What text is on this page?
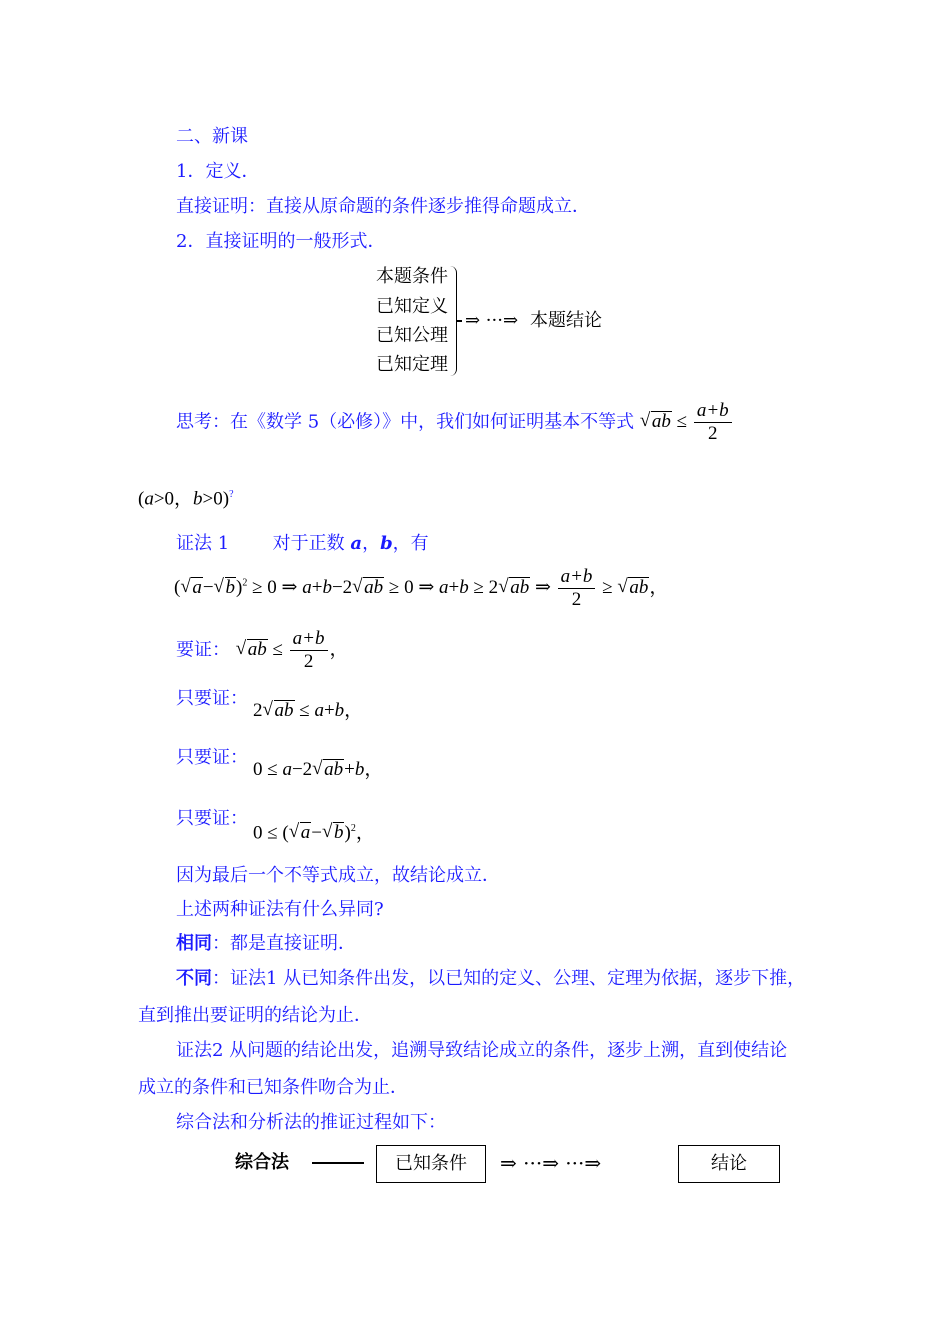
二、新课
1．定义．
直接证明：直接从原命题的条件逐步推得命题成立．
2．直接证明的一般形式．
本题条件
已知定义
已知公理
已知定理
⇒ ···⇒ 本题结论
思考：在《数学 5（必修）》中，我们如何证明基本不等式 √ ab ≤ $\frac{a+b}{2}$
(a>0，b>0)?
证法 1 对于正数 a，b，有
( √ a− √ b)$^2$ ≥ 0 ⇒ a+b−2 √ ab ≥ 0 ⇒ a+b ≥ 2 √ ab ⇒ $\frac{a+b}{2}$ ≥ √ ab，
要证： √ ab ≤ $\frac{a+b}{2}$ ，
只要证：
2 √ ab ≤ a+b，
只要证：
0 ≤ a−2 √ ab+b，
只要证：
0 ≤ ( √ a− √ b)$^2$，
因为最后一个不等式成立，故结论成立．
上述两种证法有什么异同?
相同：都是直接证明．
不同：证法1 从已知条件出发，以已知的定义、公理、定理为依据，逐步下推，
直到推出要证明的结论为止．
证法2 从问题的结论出发，追溯导致结论成立的条件，逐步上溯，直到使结论
成立的条件和已知条件吻合为止．
综合法和分析法的推证过程如下：
综合法	已知条件	⇒ ···⇒ ···⇒	结论
